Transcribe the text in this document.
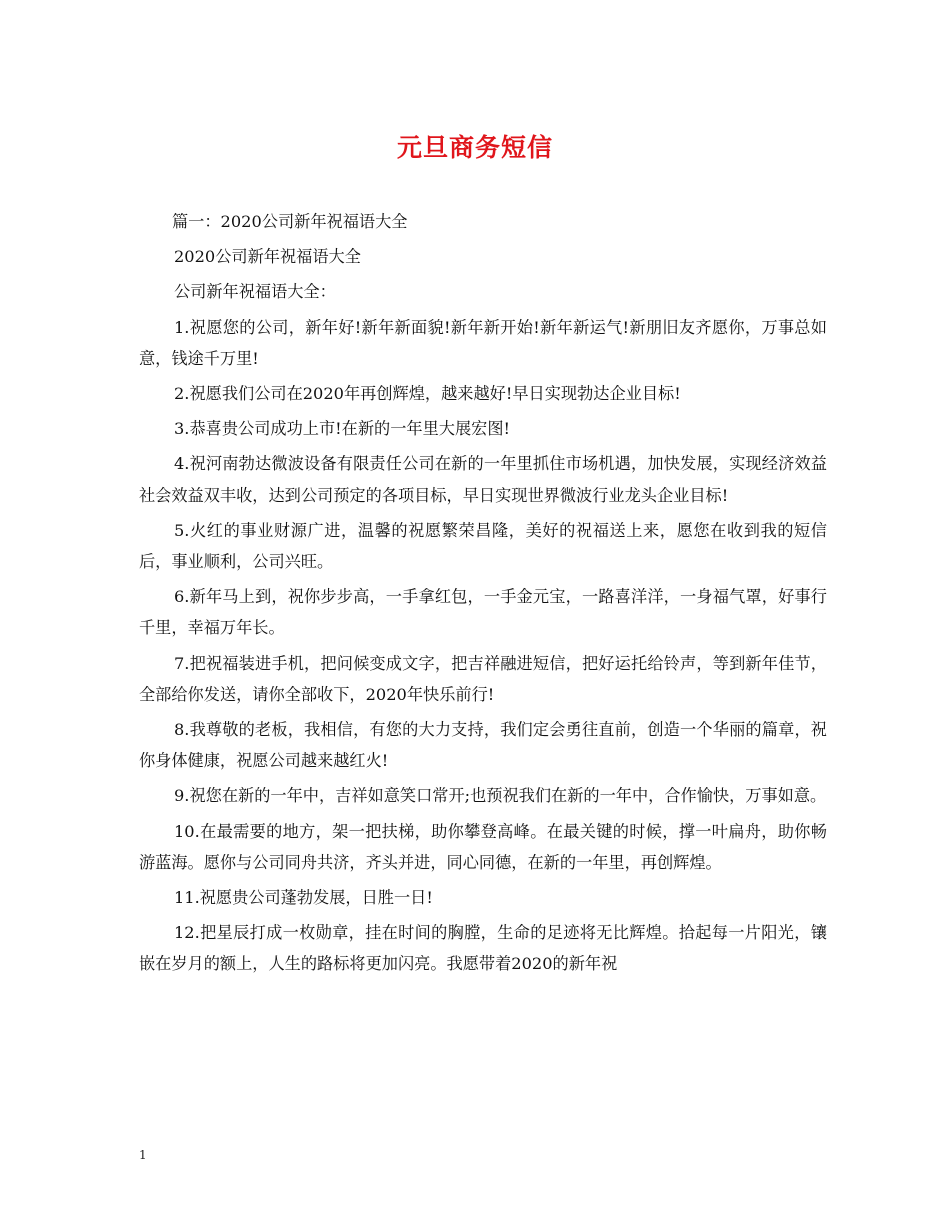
元旦商务短信

篇一：2020公司新年祝福语大全

2020公司新年祝福语大全

公司新年祝福语大全：

1.祝愿您的公司，新年好!新年新面貌!新年新开始!新年新运气!新朋旧友齐愿你，万事总如意，钱途千万里!

2.祝愿我们公司在2020年再创辉煌，越来越好!早日实现勃达企业目标!

3.恭喜贵公司成功上市!在新的一年里大展宏图!

4.祝河南勃达微波设备有限责任公司在新的一年里抓住市场机遇，加快发展，实现经济效益社会效益双丰收，达到公司预定的各项目标，早日实现世界微波行业龙头企业目标!

5.火红的事业财源广进，温馨的祝愿繁荣昌隆，美好的祝福送上来，愿您在收到我的短信后，事业顺利，公司兴旺。

6.新年马上到，祝你步步高，一手拿红包，一手金元宝，一路喜洋洋，一身福气罩，好事行千里，幸福万年长。

7.把祝福装进手机，把问候变成文字，把吉祥融进短信，把好运托给铃声，等到新年佳节，全部给你发送，请你全部收下，2020年快乐前行!

8.我尊敬的老板，我相信，有您的大力支持，我们定会勇往直前，创造一个华丽的篇章，祝你身体健康，祝愿公司越来越红火!

9.祝您在新的一年中，吉祥如意笑口常开;也预祝我们在新的一年中，合作愉快，万事如意。

10.在最需要的地方，架一把扶梯，助你攀登高峰。在最关键的时候，撑一叶扁舟，助你畅游蓝海。愿你与公司同舟共济，齐头并进，同心同德，在新的一年里，再创辉煌。

11.祝愿贵公司蓬勃发展，日胜一日!

12.把星辰打成一枚勋章，挂在时间的胸膛，生命的足迹将无比辉煌。拾起每一片阳光，镶嵌在岁月的额上，人生的路标将更加闪亮。我愿带着2020的新年祝

1
